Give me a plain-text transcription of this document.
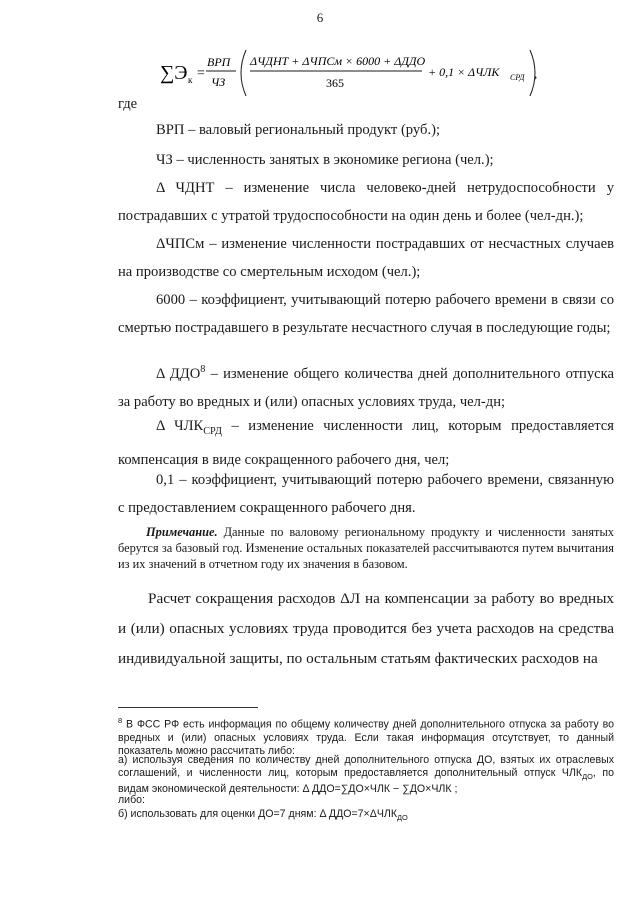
6
∑Э к =
ВРП
ЧЗ
ΔЧДНТ + ΔЧПСм × 6000 + ΔДДО
365
+ 0,1 × ΔЧЛК СРД ,
где
ВРП – валовый региональный продукт (руб.);
ЧЗ – численность занятых в экономике региона (чел.);
Δ ЧДНТ – изменение числа человеко-дней нетрудоспособности у пострадавших с утратой трудоспособности на один день и более (чел-дн.);
ΔЧПСм – изменение численности пострадавших от несчастных случаев на производстве со смертельным исходом (чел.);
6000 – коэффициент, учитывающий потерю рабочего времени в связи со смертью пострадавшего в результате несчастного случая в последующие годы;
Δ ДДО$^8$ – изменение общего количества дней дополнительного отпуска за работу во вредных и (или) опасных условиях труда, чел-дн;
Δ $ЧЛК_{СРД}$ – изменение численности лиц, которым предоставляется компенсация в виде сокращенного рабочего дня, чел;
0,1 – коэффициент, учитывающий потерю рабочего времени, связанную с предоставлением сокращенного рабочего дня.
Примечание. Данные по валовому региональному продукту и численности занятых берутся за базовый год. Изменение остальных показателей рассчитываются путем вычитания из их значений в отчетном году их значения в базовом.
Расчет сокращения расходов ΔЛ на компенсации за работу во вредных и (или) опасных условиях труда проводится без учета расходов на средства индивидуальной защиты, по остальным статьям фактических расходов на
$^8$ В ФСС РФ есть информация по общему количеству дней дополнительного отпуска за работу во вредных и (или) опасных условиях труда. Если такая информация отсутствует, то данный показатель можно рассчитать либо:
а) используя сведения по количеству дней дополнительного отпуска ДО, взятых их отраслевых соглашений, и численности лиц, которым предоставляется дополнительный отпуск $ЧЛК_{ДО}$, по видам экономической деятельности: Δ ДДО=∑ДО×ЧЛК − ∑ДО×ЧЛК ;
либо:
б) использовать для оценки ДО=7 дням: Δ $ДДО=7\times\Delta ЧЛК_{ДО}$
